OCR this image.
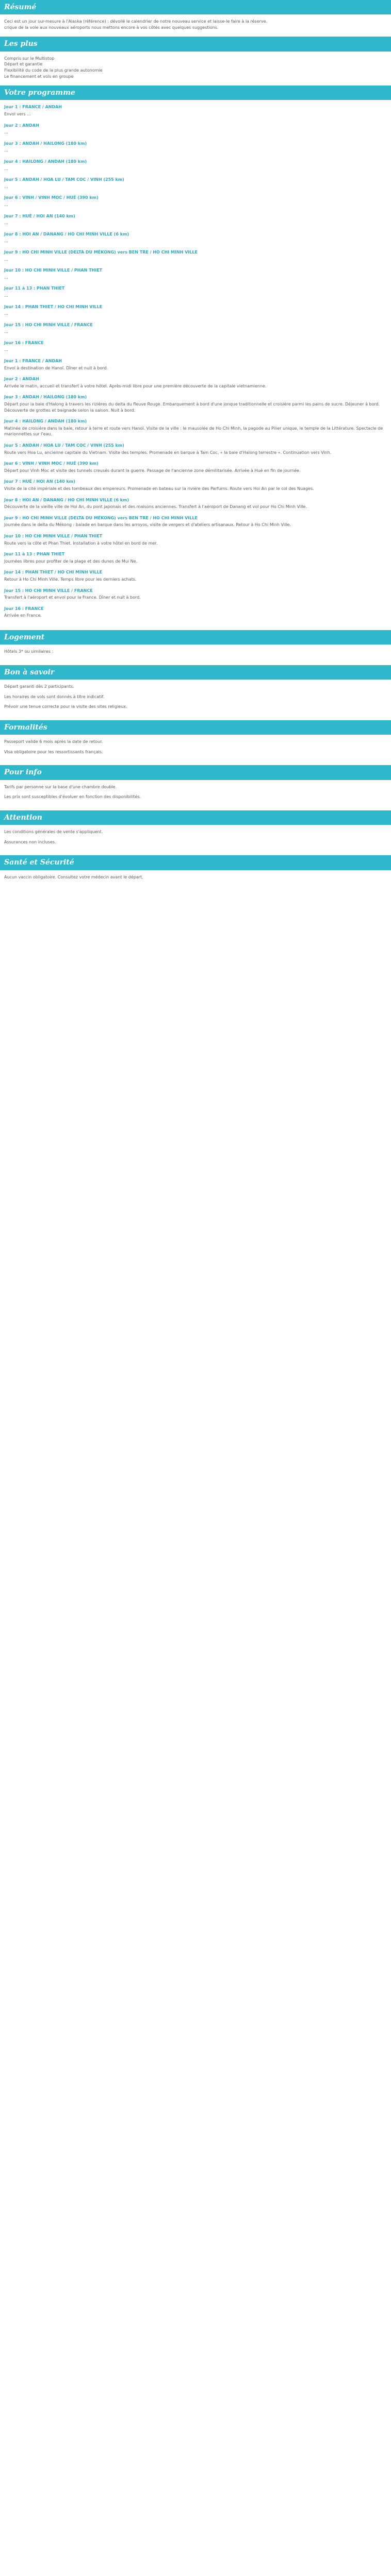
Résumé

Ceci est un jour sur-mesure à l'Alaska (référence) : dévoilé le calendrier de notre nouveau service et laisse-le faire à la réserve.

crique de la voie aux nouveaux aéroports nous mettons encore à vos côtés avec quelques suggestions.

Les plus

Compris sur le Multistop

Départ et garantie

Flexibilité du code de la plus grande autonomie

Le financement et vols en groupe

Votre programme
Jour 1 : FRANCE / ANDAH

Envol vers ...

Jour 2 : ANDAH

...

Jour 3 : ANDAH / HAILONG (180 km)

...

Jour 4 : HAILONG / ANDAH (180 km)

...

Jour 5 : ANDAH / HOA LU / TAM COC / VINH (255 km)

...

Jour 6 : VINH / VINH MOC / HUÉ (390 km)

...

Jour 7 : HUÉ / HOI AN (140 km)

...

Jour 8 : HOI AN / DANANG / HO CHI MINH VILLE (6 km)

...

Jour 9 : HO CHI MINH VILLE (DELTA DU MÉKONG) vers BEN TRE / HO CHI MINH VILLE

...

Jour 10 : HO CHI MINH VILLE / PHAN THIET

...

Jour 11 à 13 : PHAN THIET

...

Jour 14 : PHAN THIET / HO CHI MINH VILLE

...

Jour 15 : HO CHI MINH VILLE / FRANCE

...

Jour 16 : FRANCE

...

Jour 1 : FRANCE / ANDAH

Envol à destination de Hanoï. Dîner et nuit à bord.

Jour 2 : ANDAH

Arrivée le matin, accueil et transfert à votre hôtel. Après-midi libre pour une première découverte de la capitale vietnamienne.

Jour 3 : ANDAH / HAILONG (180 km)

Départ pour la baie d'Halong à travers les rizières du delta du fleuve Rouge. Embarquement à bord d'une jonque traditionnelle et croisière parmi les pains de sucre. Déjeuner à bord. Découverte de grottes et baignade selon la saison. Nuit à bord.

Jour 4 : HAILONG / ANDAH (180 km)

Matinée de croisière dans la baie, retour à terre et route vers Hanoï. Visite de la ville : le mausolée de Ho Chi Minh, la pagode au Pilier unique, le temple de la Littérature. Spectacle de marionnettes sur l'eau.

Jour 5 : ANDAH / HOA LU / TAM COC / VINH (255 km)

Route vers Hoa Lu, ancienne capitale du Vietnam. Visite des temples. Promenade en barque à Tam Coc, « la baie d'Halong terrestre ». Continuation vers Vinh.

Jour 6 : VINH / VINH MOC / HUÉ (390 km)

Départ pour Vinh Moc et visite des tunnels creusés durant la guerre. Passage de l'ancienne zone démilitarisée. Arrivée à Hué en fin de journée.

Jour 7 : HUÉ / HOI AN (140 km)

Visite de la cité impériale et des tombeaux des empereurs. Promenade en bateau sur la rivière des Parfums. Route vers Hoi An par le col des Nuages.

Jour 8 : HOI AN / DANANG / HO CHI MINH VILLE (6 km)

Découverte de la vieille ville de Hoi An, du pont japonais et des maisons anciennes. Transfert à l'aéroport de Danang et vol pour Ho Chi Minh Ville.

Jour 9 : HO CHI MINH VILLE (DELTA DU MÉKONG) vers BEN TRE / HO CHI MINH VILLE

Journée dans le delta du Mékong : balade en barque dans les arroyos, visite de vergers et d'ateliers artisanaux. Retour à Ho Chi Minh Ville.

Jour 10 : HO CHI MINH VILLE / PHAN THIET

Route vers la côte et Phan Thiet. Installation à votre hôtel en bord de mer.

Jour 11 à 13 : PHAN THIET

Journées libres pour profiter de la plage et des dunes de Mui Ne.

Jour 14 : PHAN THIET / HO CHI MINH VILLE

Retour à Ho Chi Minh Ville. Temps libre pour les derniers achats.

Jour 15 : HO CHI MINH VILLE / FRANCE

Transfert à l'aéroport et envol pour la France. Dîner et nuit à bord.

Jour 16 : FRANCE

Arrivée en France.

Logement

Hôtels 3* ou similaires :

Bon à savoir

Départ garanti dès 2 participants.

Les horaires de vols sont donnés à titre indicatif.

Prévoir une tenue correcte pour la visite des sites religieux.

Formalités

Passeport valide 6 mois après la date de retour.

Visa obligatoire pour les ressortissants français.

Pour info

Tarifs par personne sur la base d'une chambre double.

Les prix sont susceptibles d'évoluer en fonction des disponibilités.

Attention

Les conditions générales de vente s'appliquent.

Assurances non incluses.

Santé et Sécurité

Aucun vaccin obligatoire. Consultez votre médecin avant le départ.
